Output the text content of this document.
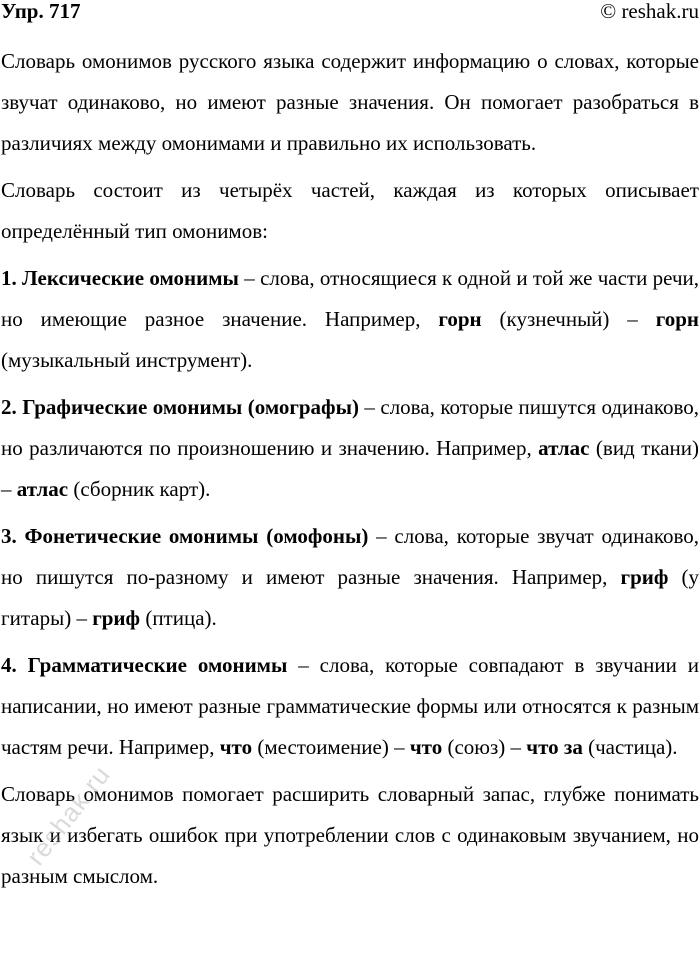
Упр. 717	© reshak.ru

Словарь омонимов русского языка содержит информацию о словах, которые звучат одинаково, но имеют разные значения. Он помогает разобраться в различиях между омонимами и правильно их использовать.

Словарь состоит из четырёх частей, каждая из которых описывает определённый тип омонимов:

1. Лексические омонимы – слова, относящиеся к одной и той же части речи, но имеющие разное значение. Например, горн (кузнечный) – горн (музыкальный инструмент).

2. Графические омонимы (омографы) – слова, которые пишутся одинаково, но различаются по произношению и значению. Например, атлас (вид ткани) – атлас (сборник карт).

3. Фонетические омонимы (омофоны) – слова, которые звучат одинаково, но пишутся по-разному и имеют разные значения. Например, гриф (у гитары) – гриф (птица).

4. Грамматические омонимы – слова, которые совпадают в звучании и написании, но имеют разные грамматические формы или относятся к разным частям речи. Например, что (местоимение) – что (союз) – что за (частица).

Словарь омонимов помогает расширить словарный запас, глубже понимать язык и избегать ошибок при употреблении слов с одинаковым звучанием, но разным смыслом.

reshak.ru
